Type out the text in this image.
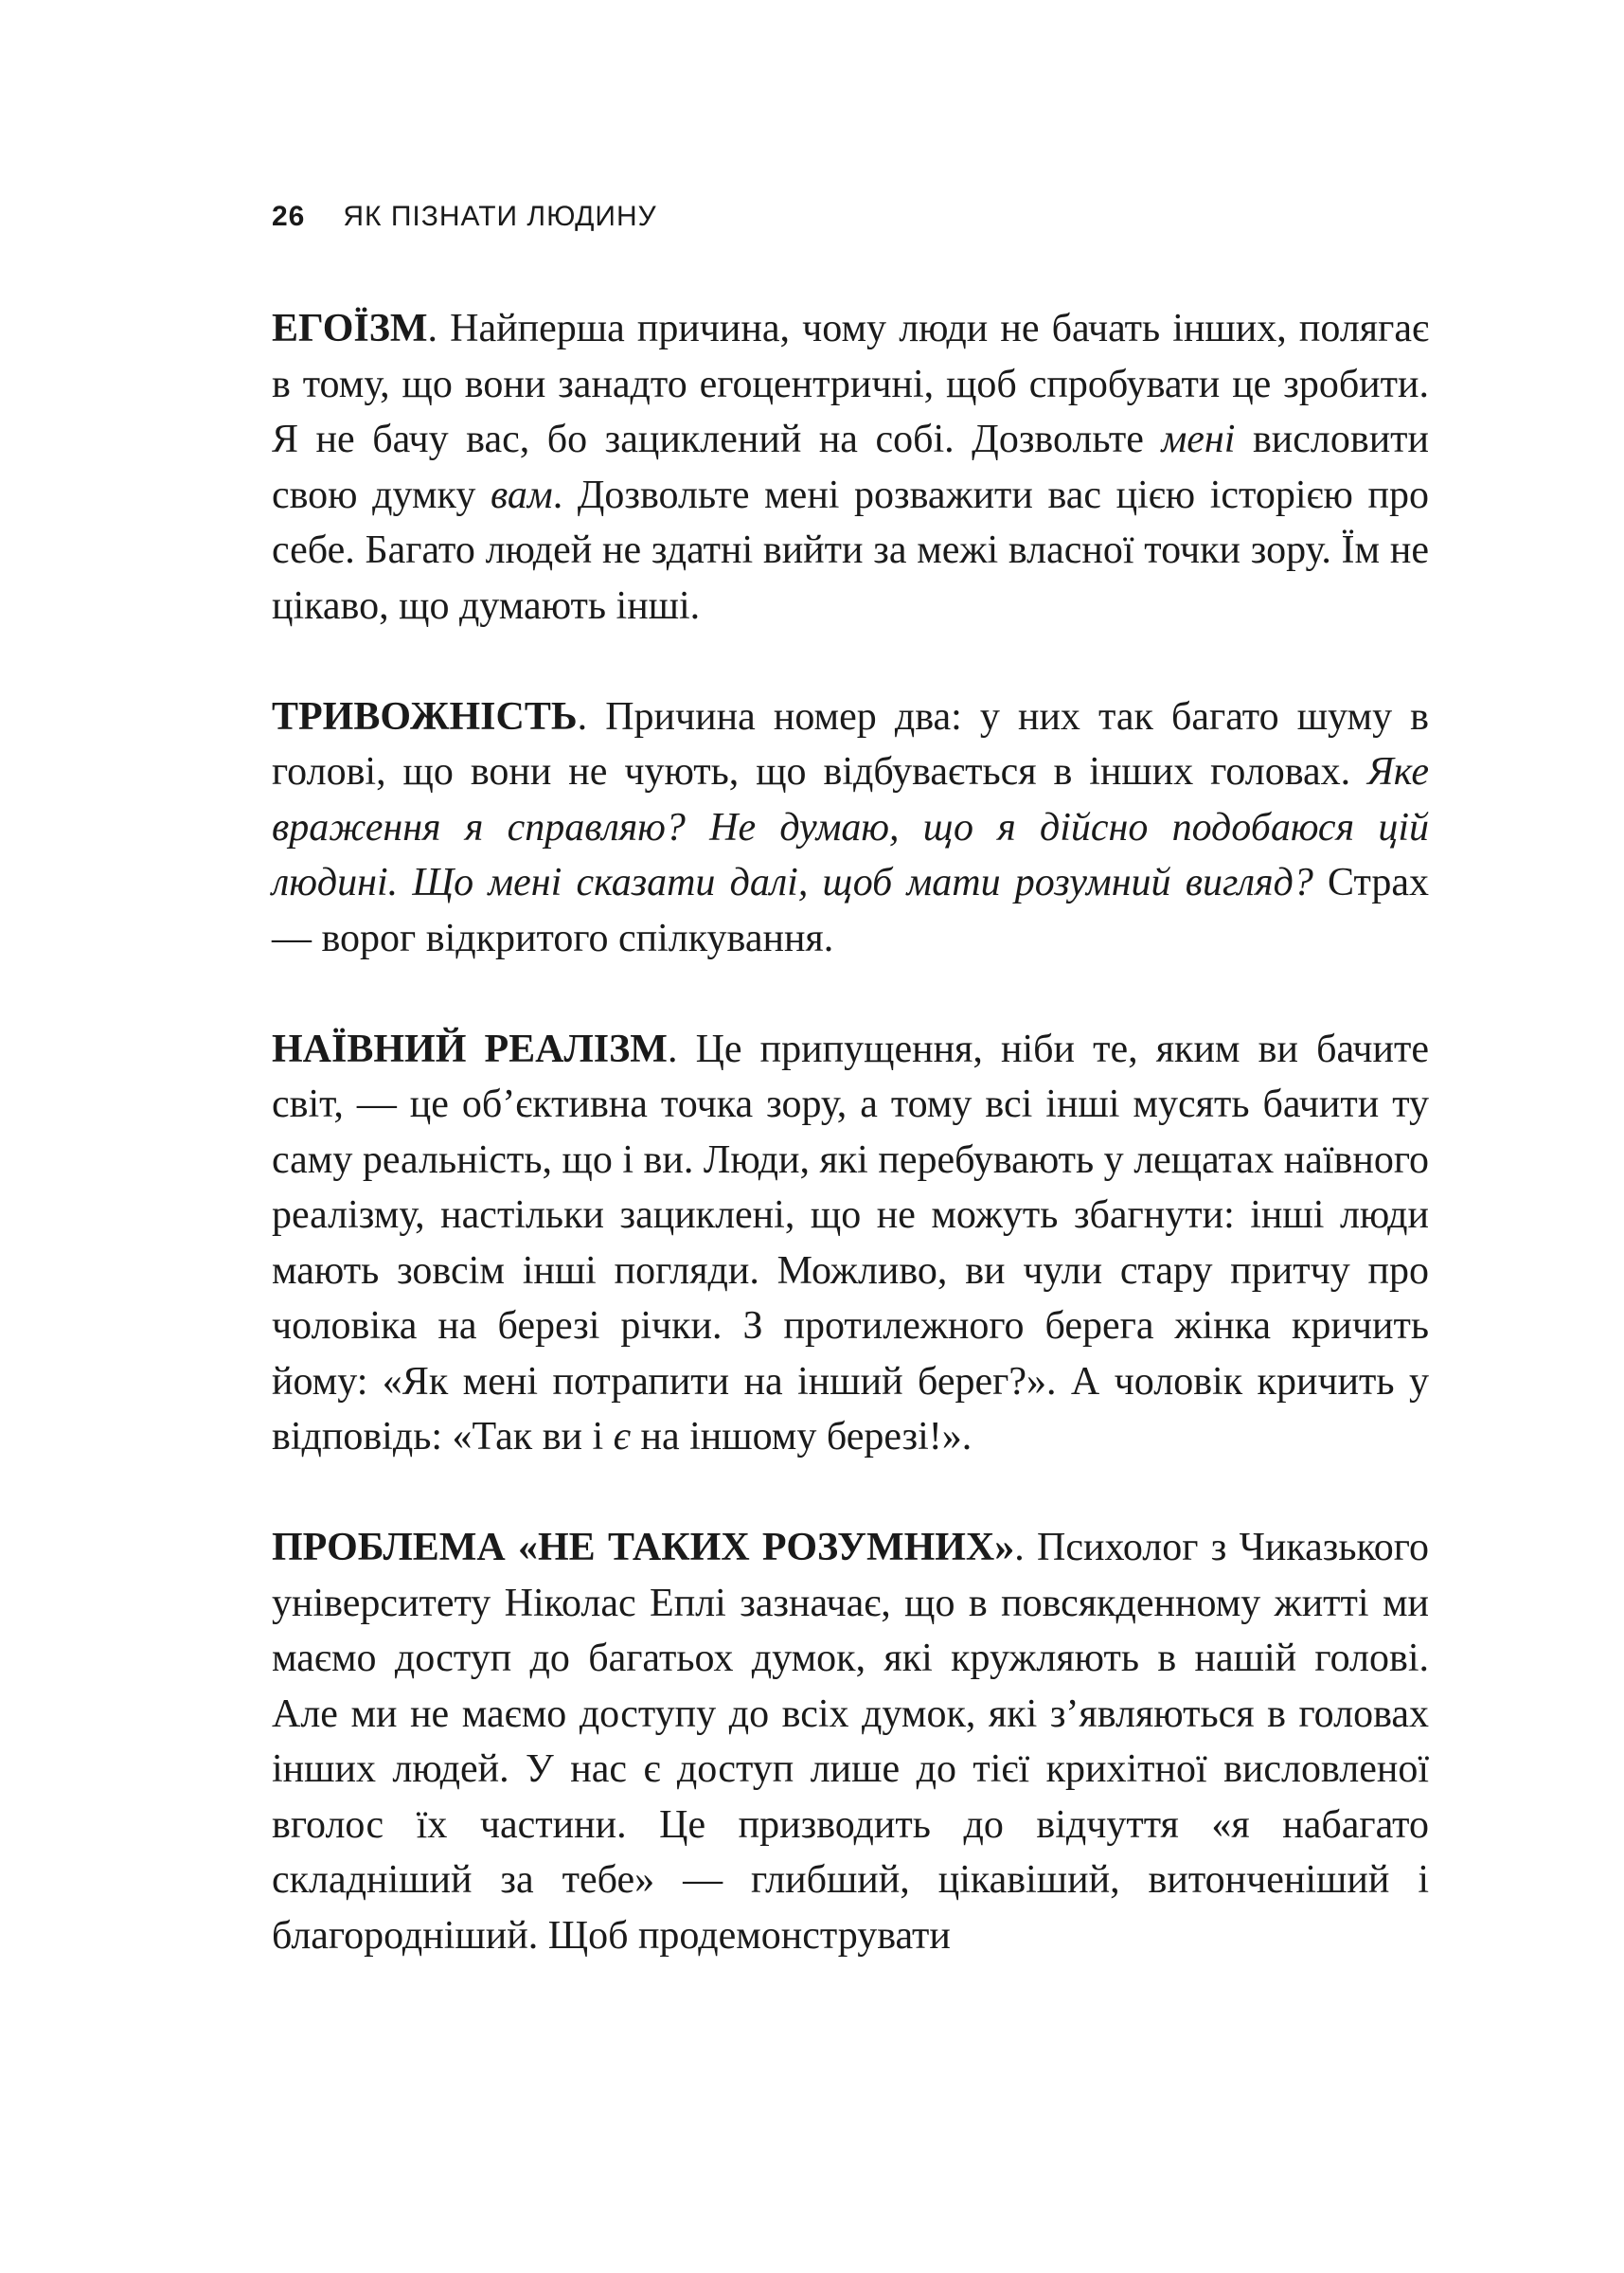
26 ЯК ПІЗНАТИ ЛЮДИНУ

ЕГОЇЗМ. Найперша причина, чому люди не бачать інших, полягає в тому, що вони занадто егоцентричні, щоб спробувати це зробити. Я не бачу вас, бо зациклений на собі. Дозвольте мені висловити свою думку вам. Дозвольте мені розважити вас цією історією про себе. Багато людей не здатні вийти за межі власної точки зору. Їм не цікаво, що думають інші.

ТРИВОЖНІСТЬ. Причина номер два: у них так багато шуму в голові, що вони не чують, що відбувається в інших головах. Яке враження я справляю? Не думаю, що я дійсно подобаюся цій людині. Що мені сказати далі, щоб мати розумний вигляд? Страх — ворог відкритого спілкування.

НАЇВНИЙ РЕАЛІЗМ. Це припущення, ніби те, яким ви бачите світ, — це об’єктивна точка зору, а тому всі інші мусять бачити ту саму реальність, що і ви. Люди, які перебувають у лещатах наївного реалізму, настільки зациклені, що не можуть збагнути: інші люди мають зовсім інші погляди. Можливо, ви чули стару притчу про чоловіка на березі річки. З протилежного берега жінка кричить йому: «Як мені потрапити на інший берег?». А чоловік кричить у відповідь: «Так ви і є на іншому березі!».

ПРОБЛЕМА «НЕ ТАКИХ РОЗУМНИХ». Психолог з Чиказького університету Ніколас Еплі зазначає, що в повсякденному житті ми маємо доступ до багатьох думок, які кружляють в нашій голові. Але ми не маємо доступу до всіх думок, які з’являються в головах інших людей. У нас є доступ лише до тієї крихітної висловленої вголос їх частини. Це призводить до відчуття «я набагато складніший за тебе» — глибший, цікавіший, витонченіший і благородніший. Щоб продемонструвати
